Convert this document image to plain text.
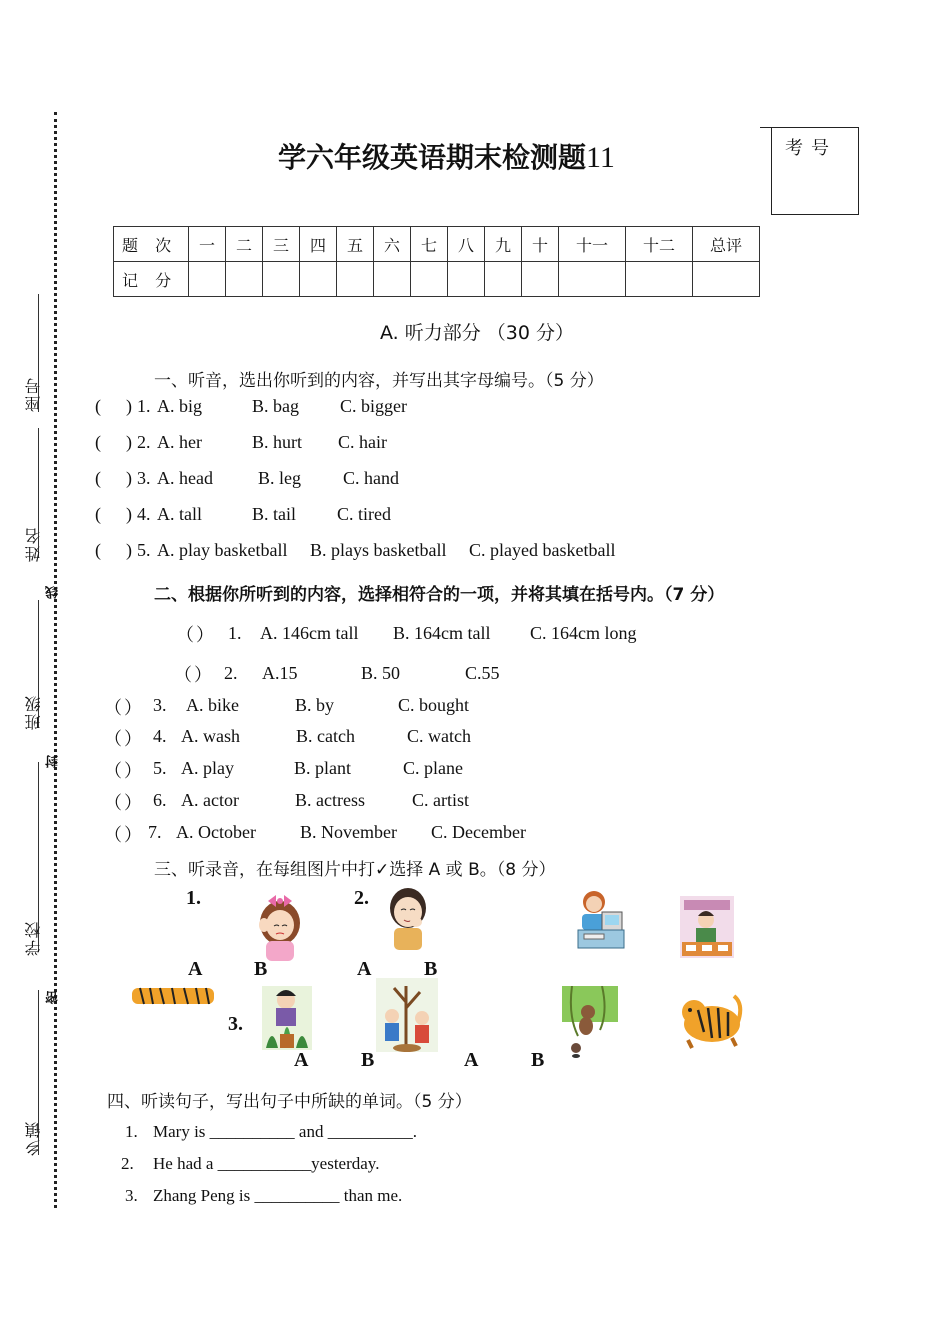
座号
姓名
线
班级
封
学校
密
乡镇
学六年级英语期末检测题11	考号
题 次	一	二	三	四	五	六	七	八	九	十	十一	十二	总评
记 分													
A. 听力部分 （30 分）
一、听音，选出你听到的内容，并写出其字母编号。（5 分）
( ) 1. A. big	B. bag C. bigger
( ) 2. A. her	B. hurt C. hair
( ) 3. A. head	B. leg C. hand
( ) 4. A. tall	B. tail C. tired
( ) 5. A. play basketball B. plays basketball C. played basketball
二、根据你所听到的内容，选择相符合的一项，并将其填在括号内。（7 分）
（ ） 1. A. 146cm tall B. 164cm tall C. 164cm long
（ ） 2. A.15	B. 50	C.55
（ ） 3. A. bike	B. by	C. bought
（ ） 4. A. wash	B. catch	C. watch
（ ） 5. A. play	B. plant	C. plane
（ ） 6. A. actor	B. actress	C. artist
（ ） 7. A. October B. November C. December
三、听录音，在每组图片中打✓选择 A 或 B。（8 分）
1.	2.
3.
A	B	A	B
A	B	A	B
四、听读句子，写出句子中所缺的单词。（5 分）
1. Mary is __________ and __________.
2. He had a ___________yesterday.
3. Zhang Peng is __________ than me.
